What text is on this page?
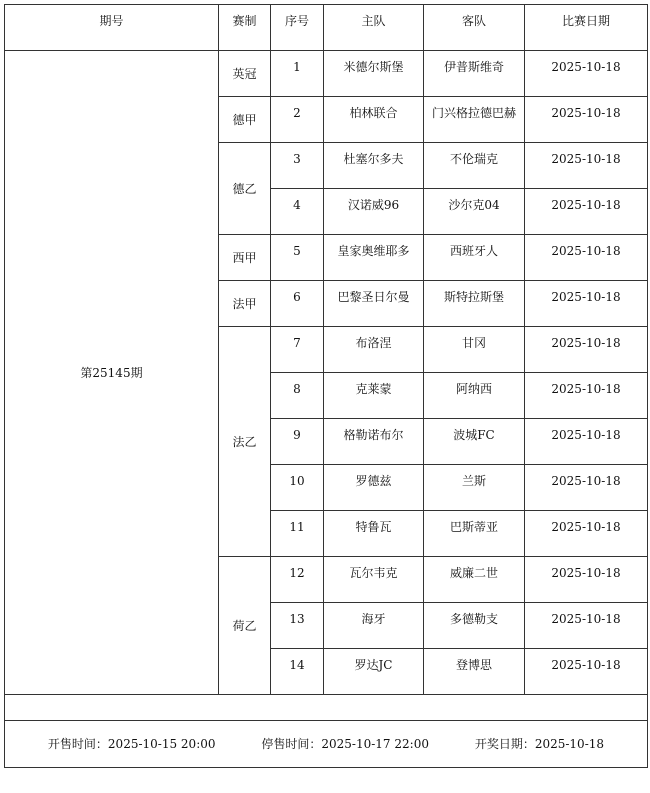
期号	赛制	序号	主队	客队	比赛日期
第25145期	英冠	1	米德尔斯堡	伊普斯维奇	2025-10-18
	德甲	2	柏林联合	门兴格拉德巴赫	2025-10-18
	德乙	3	杜塞尔多夫	不伦瑞克	2025-10-18
		4	汉诺威96	沙尔克04	2025-10-18
	西甲	5	皇家奥维耶多	西班牙人	2025-10-18
	法甲	6	巴黎圣日尔曼	斯特拉斯堡	2025-10-18
	法乙	7	布洛涅	甘冈	2025-10-18
		8	克莱蒙	阿纳西	2025-10-18
		9	格勒诺布尔	波城FC	2025-10-18
		10	罗德兹	兰斯	2025-10-18
		11	特鲁瓦	巴斯蒂亚	2025-10-18
	荷乙	12	瓦尔韦克	威廉二世	2025-10-18
		13	海牙	多德勒支	2025-10-18
		14	罗达JC	登博思	2025-10-18

开售时间：2025-10-15 20:00 停售时间：2025-10-17 22:00 开奖日期：2025-10-18					
